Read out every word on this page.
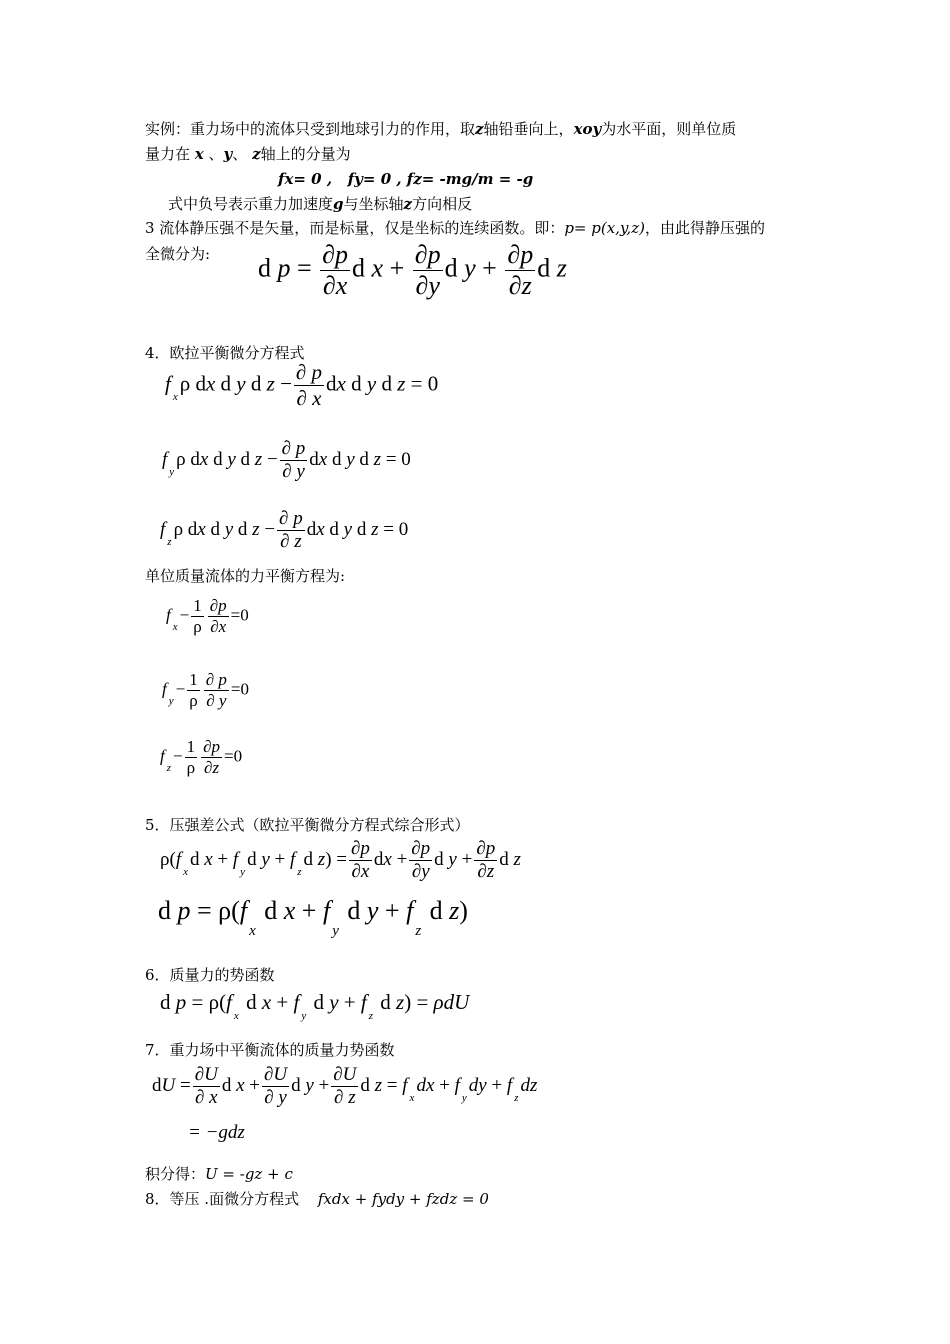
实例：重力场中的流体只受到地球引力的作用，取z轴铅垂向上，xoy为水平面，则单位质
量力在 x 、y、 z轴上的分量为
fx= 0 ,   fy= 0 , fz= -mg/m = -g
式中负号表示重力加速度g与坐标轴z方向相反
3 流体静压强不是矢量，而是标量，仅是坐标的连续函数。即：p= p(x,y,z)，由此得静压强的
全微分为: d $p = \frac{\partial p}{\partial x}$ d $x + \frac{\partial p}{\partial y}$ d $y + \frac{\partial p}{\partial z}$ d z
4．欧拉平衡微分方程式
$f_x\rho$ dx d y d $z - \frac{\partial p}{\partial x}$ dx d y d z = 0
$f_y\rho$ dx d y d $z - \frac{\partial p}{\partial y}$ dx d y d z = 0
$f_z\rho$ dx d y d $z - \frac{\partial p}{\partial z}$ dx d y d z = 0
单位质量流体的力平衡方程为:
$f_x- \frac{1}{\rho} \frac{\partial p}{\partial x} =0$
$f_y- \frac{1}{\rho} \frac{\partial p}{\partial y} =0$
$f_z- \frac{1}{\rho} \frac{\partial p}{\partial z} =0$
5．压强差公式（欧拉平衡微分方程式综合形式）
$\rho(f_xd$ $x + f_yd$ $y + f_zd$ $z) = \frac{\partial p}{\partial x}$ dx + $\frac{\partial p}{\partial y}$ d $y + \frac{\partial p}{\partial z}$ d z
d $p = \rho(f_x$ d $x + f_y$ d $y + f_z$ d z)
6．质量力的势函数
d $p = \rho(f_x$ d $x + f_y$ d $y + f_z$ d z) = ρdU
7．重力场中平衡流体的质量力势函数
dU = $\frac{\partial U}{\partial x}$ d $x + \frac{\partial U}{\partial y}$ d $y + \frac{\partial U}{\partial z}$ d $z = f_xdx + f_ydy + f_zdz$
= −gdz
积分得：U = -gz + c
8．等压 .面微分方程式 fxdx + fydy + fzdz = 0
